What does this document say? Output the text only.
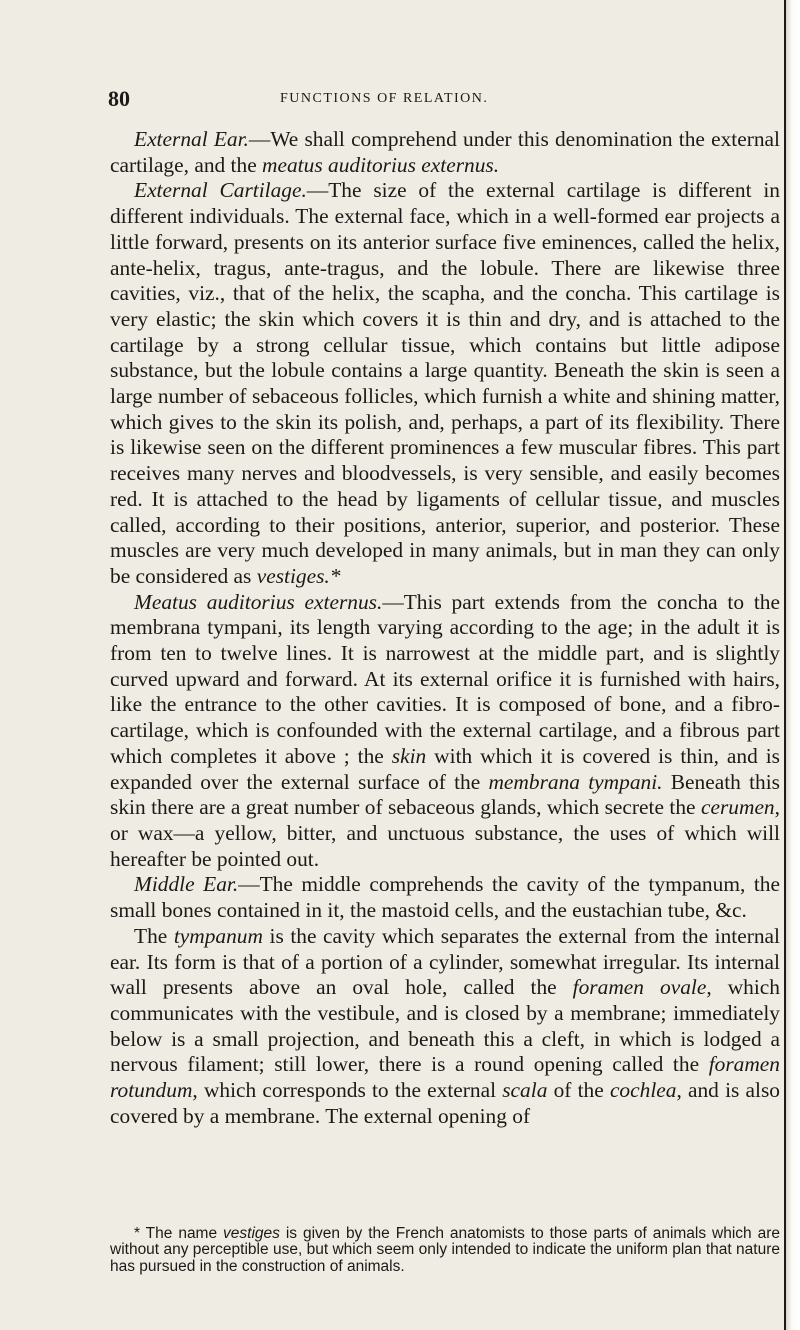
80	FUNCTIONS OF RELATION.

External Ear.—We shall comprehend under this denomination the external cartilage, and the meatus auditorius externus.

External Cartilage.—The size of the external cartilage is different in different individuals. The external face, which in a well-formed ear projects a little forward, presents on its anterior surface five eminences, called the helix, ante-helix, tragus, ante-tragus, and the lobule. There are likewise three cavities, viz., that of the helix, the scapha, and the concha. This cartilage is very elastic; the skin which covers it is thin and dry, and is attached to the cartilage by a strong cellular tissue, which contains but little adipose substance, but the lobule contains a large quantity. Beneath the skin is seen a large number of sebaceous follicles, which furnish a white and shining matter, which gives to the skin its polish, and, perhaps, a part of its flexibility. There is likewise seen on the different prominences a few muscular fibres. This part receives many nerves and bloodvessels, is very sensible, and easily becomes red. It is attached to the head by ligaments of cellular tissue, and muscles called, according to their positions, anterior, superior, and posterior. These muscles are very much developed in many animals, but in man they can only be considered as vestiges.*

Meatus auditorius externus.—This part extends from the concha to the membrana tympani, its length varying according to the age; in the adult it is from ten to twelve lines. It is narrowest at the middle part, and is slightly curved upward and forward. At its external orifice it is furnished with hairs, like the entrance to the other cavities. It is composed of bone, and a fibro-cartilage, which is confounded with the external cartilage, and a fibrous part which completes it above ; the skin with which it is covered is thin, and is expanded over the external surface of the membrana tympani. Beneath this skin there are a great number of sebaceous glands, which secrete the cerumen, or wax—a yellow, bitter, and unctuous substance, the uses of which will hereafter be pointed out.

Middle Ear.—The middle comprehends the cavity of the tympanum, the small bones contained in it, the mastoid cells, and the eustachian tube, &c.

The tympanum is the cavity which separates the external from the internal ear. Its form is that of a portion of a cylinder, somewhat irregular. Its internal wall presents above an oval hole, called the foramen ovale, which communicates with the vestibule, and is closed by a membrane; immediately below is a small projection, and beneath this a cleft, in which is lodged a nervous filament; still lower, there is a round opening called the foramen rotundum, which corresponds to the external scala of the cochlea, and is also covered by a membrane. The external opening of

* The name vestiges is given by the French anatomists to those parts of animals which are without any perceptible use, but which seem only intended to indicate the uniform plan that nature has pursued in the construction of animals.
